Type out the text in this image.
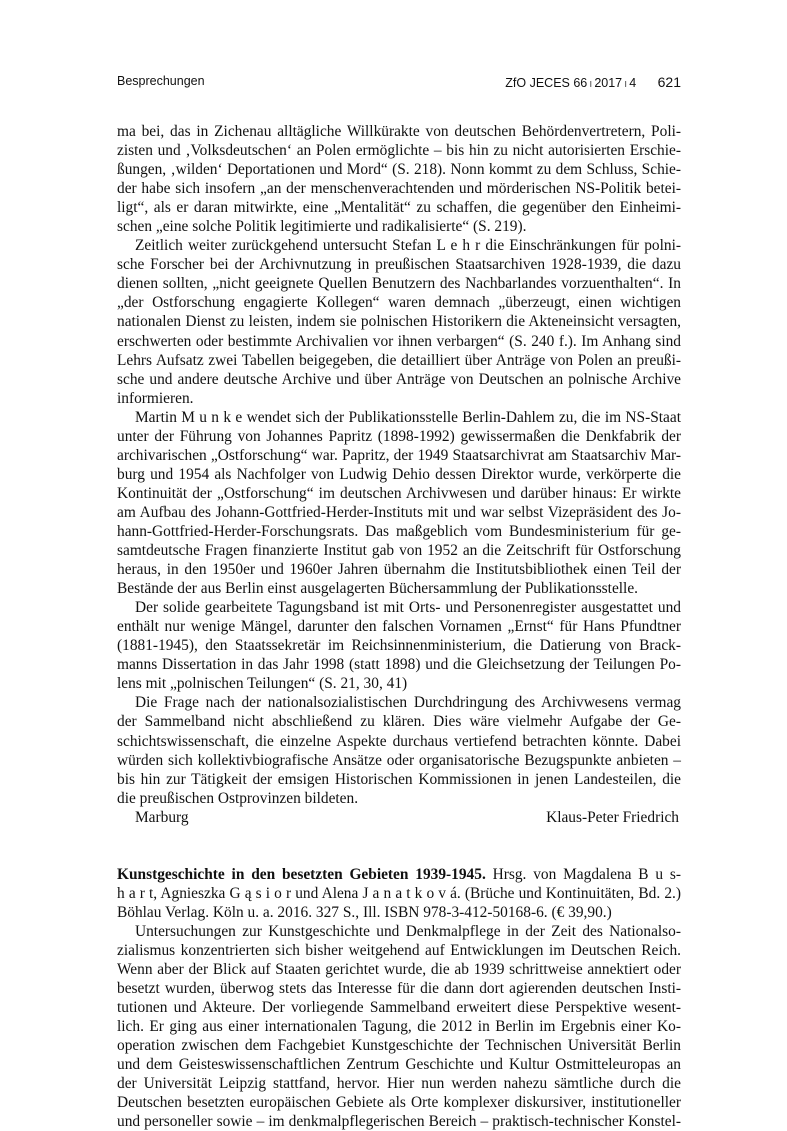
Besprechungen	ZfO JECES 66 ı 2017 ı 4 621
ma bei, das in Zichenau alltägliche Willkürakte von deutschen Behördenvertretern, Poli-
zisten und ‚Volksdeutschen‘ an Polen ermöglichte – bis hin zu nicht autorisierten Erschie-
ßungen, ‚wilden‘ Deportationen und Mord“ (S. 218). Nonn kommt zu dem Schluss, Schie-
der habe sich insofern „an der menschenverachtenden und mörderischen NS-Politik betei-
ligt“, als er daran mitwirkte, eine „Mentalität“ zu schaffen, die gegenüber den Einheimi-
schen „eine solche Politik legitimierte und radikalisierte“ (S. 219).
Zeitlich weiter zurückgehend untersucht Stefan L e h r die Einschränkungen für polni-
sche Forscher bei der Archivnutzung in preußischen Staatsarchiven 1928-1939, die dazu
dienen sollten, „nicht geeignete Quellen Benutzern des Nachbarlandes vorzuenthalten“. In
„der Ostforschung engagierte Kollegen“ waren demnach „überzeugt, einen wichtigen
nationalen Dienst zu leisten, indem sie polnischen Historikern die Akteneinsicht versagten,
erschwerten oder bestimmte Archivalien vor ihnen verbargen“ (S. 240 f.). Im Anhang sind
Lehrs Aufsatz zwei Tabellen beigegeben, die detailliert über Anträge von Polen an preußi-
sche und andere deutsche Archive und über Anträge von Deutschen an polnische Archive
informieren.
Martin M u n k e wendet sich der Publikationsstelle Berlin-Dahlem zu, die im NS-Staat
unter der Führung von Johannes Papritz (1898-1992) gewissermaßen die Denkfabrik der
archivarischen „Ostforschung“ war. Papritz, der 1949 Staatsarchivrat am Staatsarchiv Mar-
burg und 1954 als Nachfolger von Ludwig Dehio dessen Direktor wurde, verkörperte die
Kontinuität der „Ostforschung“ im deutschen Archivwesen und darüber hinaus: Er wirkte
am Aufbau des Johann-Gottfried-Herder-Instituts mit und war selbst Vizepräsident des Jo-
hann-Gottfried-Herder-Forschungsrats. Das maßgeblich vom Bundesministerium für ge-
samtdeutsche Fragen finanzierte Institut gab von 1952 an die Zeitschrift für Ostforschung
heraus, in den 1950er und 1960er Jahren übernahm die Institutsbibliothek einen Teil der
Bestände der aus Berlin einst ausgelagerten Büchersammlung der Publikationsstelle.
Der solide gearbeitete Tagungsband ist mit Orts- und Personenregister ausgestattet und
enthält nur wenige Mängel, darunter den falschen Vornamen „Ernst“ für Hans Pfundtner
(1881-1945), den Staatssekretär im Reichsinnenministerium, die Datierung von Brack-
manns Dissertation in das Jahr 1998 (statt 1898) und die Gleichsetzung der Teilungen Po-
lens mit „polnischen Teilungen“ (S. 21, 30, 41)
Die Frage nach der nationalsozialistischen Durchdringung des Archivwesens vermag
der Sammelband nicht abschließend zu klären. Dies wäre vielmehr Aufgabe der Ge-
schichtswissenschaft, die einzelne Aspekte durchaus vertiefend betrachten könnte. Dabei
würden sich kollektivbiografische Ansätze oder organisatorische Bezugspunkte anbieten –
bis hin zur Tätigkeit der emsigen Historischen Kommissionen in jenen Landesteilen, die
die preußischen Ostprovinzen bildeten.
Marburg	Klaus-Peter Friedrich
Kunstgeschichte in den besetzten Gebieten 1939-1945. Hrsg. von Magdalena B u s-
h a r t, Agnieszka G ą s i o r und Alena J a n a t k o v á. (Brüche und Kontinuitäten, Bd. 2.)
Böhlau Verlag. Köln u. a. 2016. 327 S., Ill. ISBN 978-3-412-50168-6. (€ 39,90.)
Untersuchungen zur Kunstgeschichte und Denkmalpflege in der Zeit des Nationalso-
zialismus konzentrierten sich bisher weitgehend auf Entwicklungen im Deutschen Reich.
Wenn aber der Blick auf Staaten gerichtet wurde, die ab 1939 schrittweise annektiert oder
besetzt wurden, überwog stets das Interesse für die dann dort agierenden deutschen Insti-
tutionen und Akteure. Der vorliegende Sammelband erweitert diese Perspektive wesent-
lich. Er ging aus einer internationalen Tagung, die 2012 in Berlin im Ergebnis einer Ko-
operation zwischen dem Fachgebiet Kunstgeschichte der Technischen Universität Berlin
und dem Geisteswissenschaftlichen Zentrum Geschichte und Kultur Ostmitteleuropas an
der Universität Leipzig stattfand, hervor. Hier nun werden nahezu sämtliche durch die
Deutschen besetzten europäischen Gebiete als Orte komplexer diskursiver, institutioneller
und personeller sowie – im denkmalpflegerischen Bereich – praktisch-technischer Konstel-
